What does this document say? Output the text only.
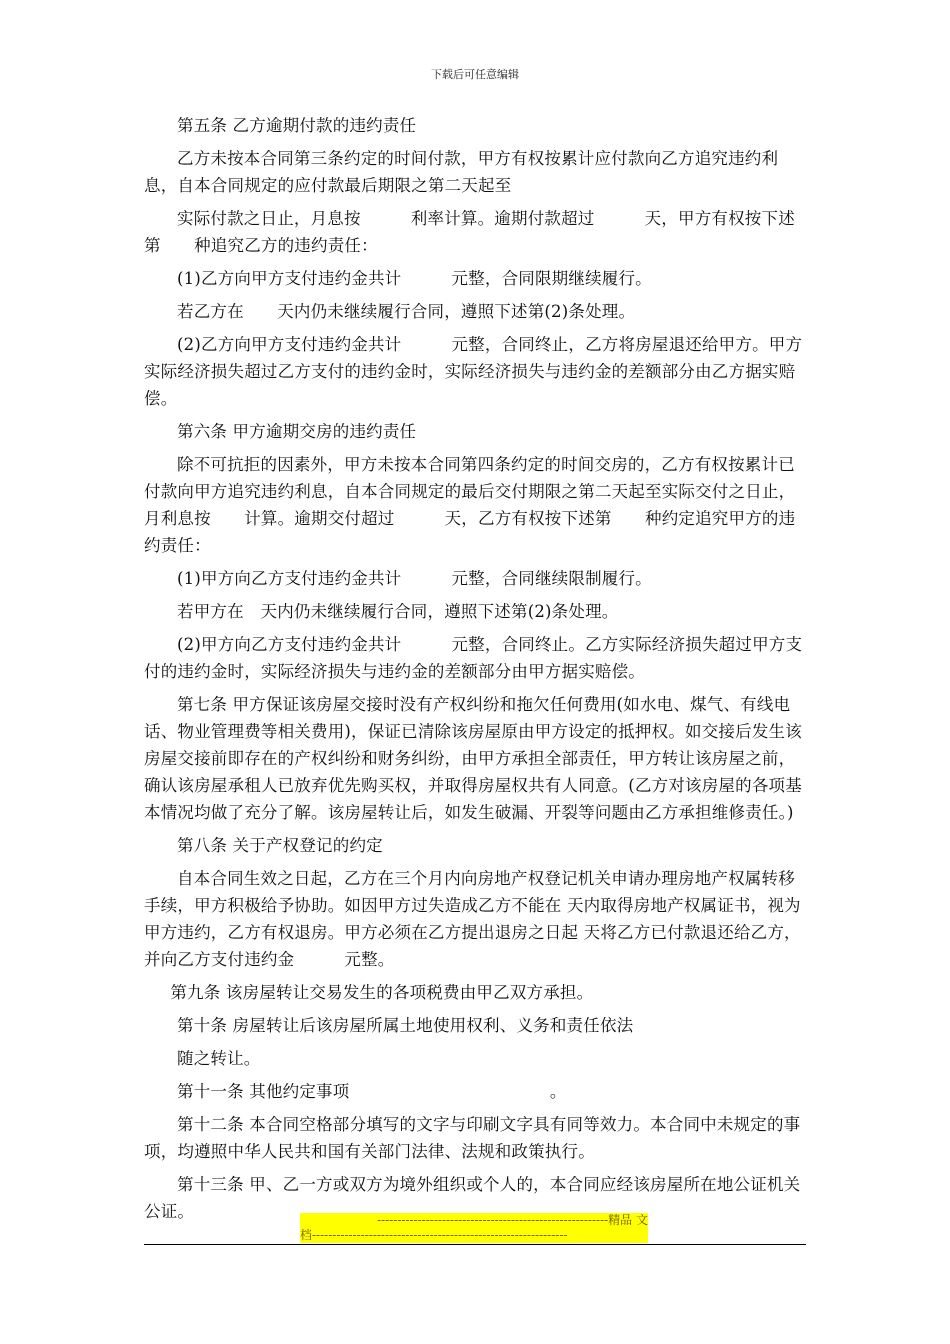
下载后可任意编辑

第五条 乙方逾期付款的违约责任

乙方未按本合同第三条约定的时间付款，甲方有权按累计应付款向乙方追究违约利息，自本合同规定的应付款最后期限之第二天起至

实际付款之日止，月息按　　　利率计算。逾期付款超过　　　天，甲方有权按下述第　　种追究乙方的违约责任：

(1)乙方向甲方支付违约金共计　　　元整，合同限期继续履行。

若乙方在　　天内仍未继续履行合同，遵照下述第(2)条处理。

(2)乙方向甲方支付违约金共计　　　元整，合同终止，乙方将房屋退还给甲方。甲方实际经济损失超过乙方支付的违约金时，实际经济损失与违约金的差额部分由乙方据实赔偿。

第六条 甲方逾期交房的违约责任

除不可抗拒的因素外，甲方未按本合同第四条约定的时间交房的，乙方有权按累计已付款向甲方追究违约利息，自本合同规定的最后交付期限之第二天起至实际交付之日止，月利息按　　计算。逾期交付超过　　　天，乙方有权按下述第　　种约定追究甲方的违约责任：

(1)甲方向乙方支付违约金共计　　　元整，合同继续限制履行。

若甲方在　天内仍未继续履行合同，遵照下述第(2)条处理。

(2)甲方向乙方支付违约金共计　　　元整，合同终止。乙方实际经济损失超过甲方支付的违约金时，实际经济损失与违约金的差额部分由甲方据实赔偿。

第七条 甲方保证该房屋交接时没有产权纠纷和拖欠任何费用(如水电、煤气、有线电话、物业管理费等相关费用)，保证已清除该房屋原由甲方设定的抵押权。如交接后发生该房屋交接前即存在的产权纠纷和财务纠纷，由甲方承担全部责任，甲方转让该房屋之前，确认该房屋承租人已放弃优先购买权，并取得房屋权共有人同意。(乙方对该房屋的各项基本情况均做了充分了解。该房屋转让后，如发生破漏、开裂等问题由乙方承担维修责任。)

第八条 关于产权登记的约定

自本合同生效之日起，乙方在三个月内向房地产权登记机关申请办理房地产权属转移手续，甲方积极给予协助。如因甲方过失造成乙方不能在 天内取得房地产权属证书，视为甲方违约，乙方有权退房。甲方必须在乙方提出退房之日起 天将乙方已付款退还给乙方，并向乙方支付违约金　　　元整。

第九条 该房屋转让交易发生的各项税费由甲乙双方承担。

第十条 房屋转让后该房屋所属土地使用权利、义务和责任依法

随之转让。

第十一条 其他约定事项　　　　　　　　　　　　。

第十二条 本合同空格部分填写的文字与印刷文字具有同等效力。本合同中未规定的事项，均遵照中华人民共和国有关部门法律、法规和政策执行。

第十三条 甲、乙一方或双方为境外组织或个人的，本合同应经该房屋所在地公证机关公证。	---------------------------------------------------------精品 文
档---------------------------------------------------------------
